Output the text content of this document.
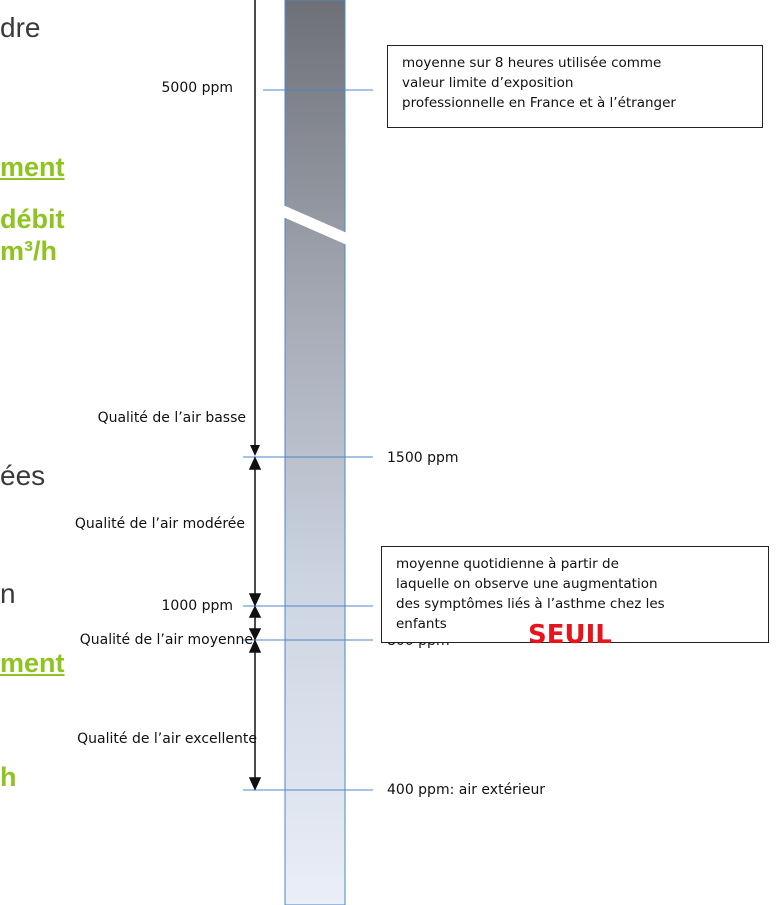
dre
ment
débit
m³/h
ées
n
ment
h
5000 ppm
Qualité de l’air basse
Qualité de l’air modérée
1000 ppm
Qualité de l’air moyenne
Qualité de l’air excellente
1500 ppm
400 ppm: air extérieur
moyenne sur 8 heures utilisée comme
valeur limite d’exposition
professionnelle en France et à l’étranger
moyenne quotidienne à partir de
laquelle on observe une augmentation
des symptômes liés à l’asthme chez les
enfants	SEUIL
